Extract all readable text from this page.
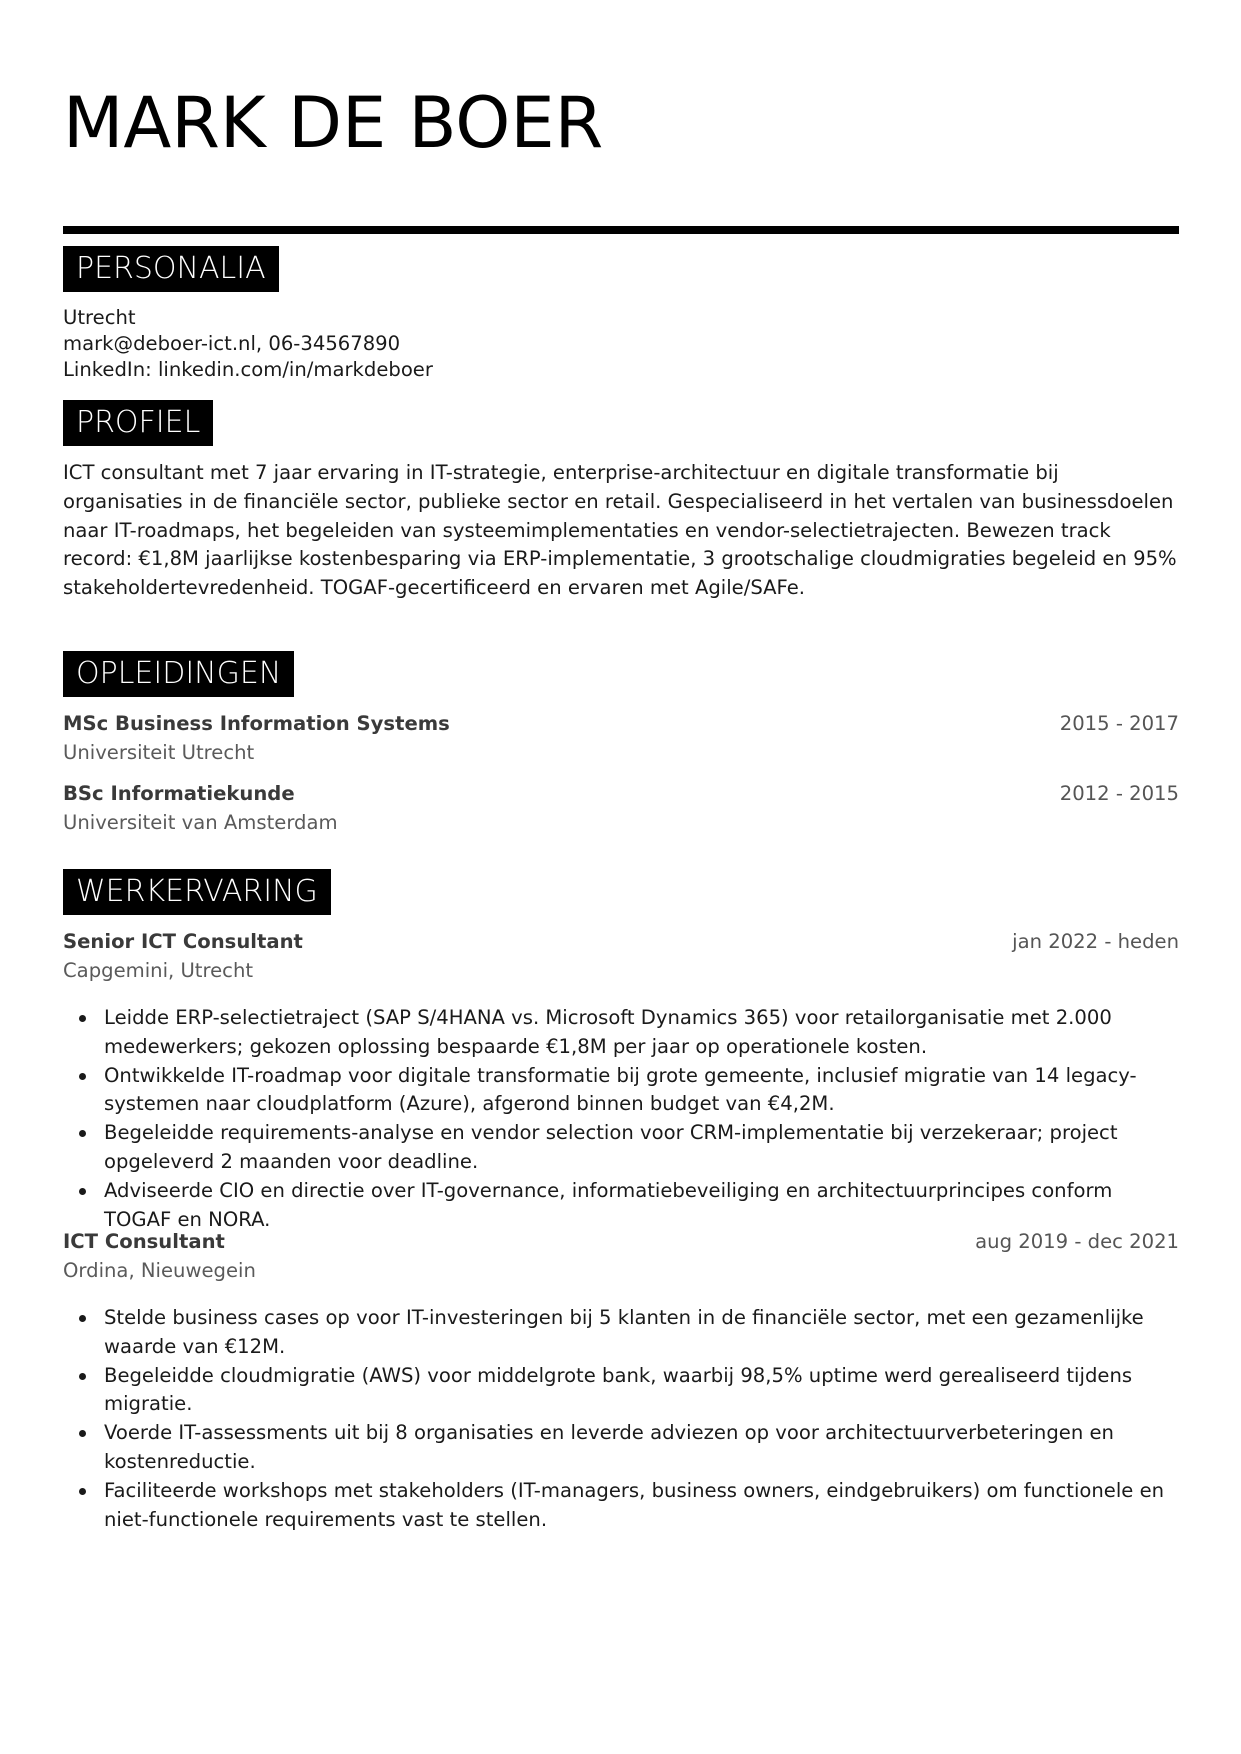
MARK DE BOER
PERSONALIA
Utrecht
mark@deboer-ict.nl, 06-34567890
LinkedIn: linkedin.com/in/markdeboer
PROFIEL
ICT consultant met 7 jaar ervaring in IT-strategie, enterprise-architectuur en digitale transformatie bij organisaties in de financiële sector, publieke sector en retail. Gespecialiseerd in het vertalen van businessdoelen naar IT-roadmaps, het begeleiden van systeemimplementaties en vendor-selectietrajecten. Bewezen track record: €1,8M jaarlijkse kostenbesparing via ERP-implementatie, 3 grootschalige cloudmigraties begeleid en 95% stakeholdertevredenheid. TOGAF-gecertificeerd en ervaren met Agile/SAFe.
OPLEIDINGEN
MSc Business Information Systems	2015 - 2017
Universiteit Utrecht
BSc Informatiekunde	2012 - 2015
Universiteit van Amsterdam
WERKERVARING
Senior ICT Consultant	jan 2022 - heden
Capgemini, Utrecht
Leidde ERP-selectietraject (SAP S/4HANA vs. Microsoft Dynamics 365) voor retailorganisatie met 2.000 medewerkers; gekozen oplossing bespaarde €1,8M per jaar op operationele kosten.
Ontwikkelde IT-roadmap voor digitale transformatie bij grote gemeente, inclusief migratie van 14 legacy-systemen naar cloudplatform (Azure), afgerond binnen budget van €4,2M.
Begeleidde requirements-analyse en vendor selection voor CRM-implementatie bij verzekeraar; project opgeleverd 2 maanden voor deadline.
Adviseerde CIO en directie over IT-governance, informatiebeveiliging en architectuurprincipes conform TOGAF en NORA.
ICT Consultant	aug 2019 - dec 2021
Ordina, Nieuwegein
Stelde business cases op voor IT-investeringen bij 5 klanten in de financiële sector, met een gezamenlijke waarde van €12M.
Begeleidde cloudmigratie (AWS) voor middelgrote bank, waarbij 98,5% uptime werd gerealiseerd tijdens migratie.
Voerde IT-assessments uit bij 8 organisaties en leverde adviezen op voor architectuurverbeteringen en kostenreductie.
Faciliteerde workshops met stakeholders (IT-managers, business owners, eindgebruikers) om functionele en niet-functionele requirements vast te stellen.
